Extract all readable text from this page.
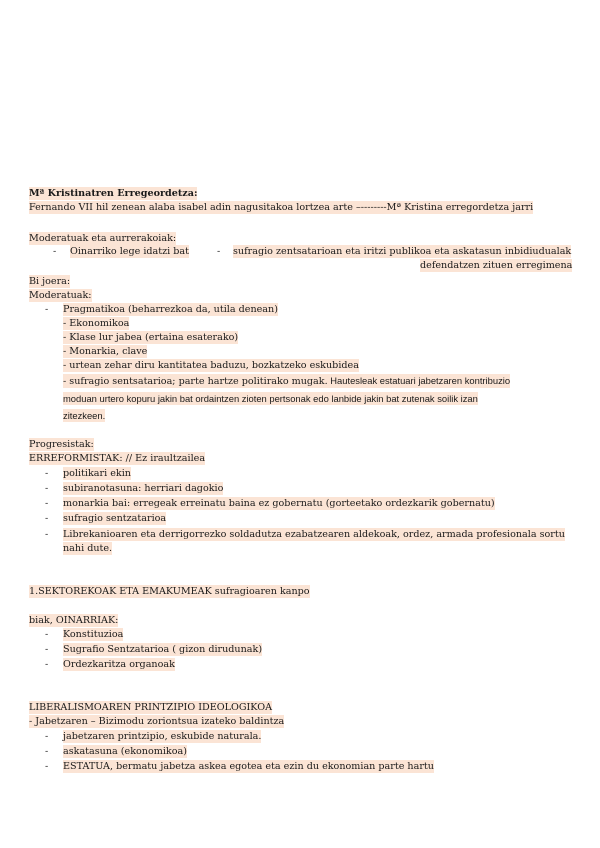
Mª Kristinatren Erregeordetza:
Fernando VII hil zenean alaba isabel adin nagusitakoa lortzea arte –--------Mª Kristina erregordetza jarri
Moderatuak eta aurrerakoiak:
- Oinarriko lege idatzi bat	- sufragio zentsatarioan eta iritzi publikoa eta askatasun inbidiudualak
defendatzen zituen erregimena
Bi joera:
Moderatuak:
- Pragmatikoa (beharrezkoa da, utila denean)
- Ekonomikoa
- Klase lur jabea (ertaina esaterako)
- Monarkia, clave
- urtean zehar diru kantitatea baduzu, bozkatzeko eskubidea
- sufragio sentsatarioa; parte hartze politirako mugak. Hautesleak estatuari jabetzaren kontribuzio
moduan urtero kopuru jakin bat ordaintzen zioten pertsonak edo lanbide jakin bat zutenak soilik izan
zitezkeen.
Progresistak:
ERREFORMISTAK: // Ez iraultzailea
- politikari ekin
- subiranotasuna: herriari dagokio
- monarkia bai: erregeak erreinatu baina ez gobernatu (gorteetako ordezkarik gobernatu)
- sufragio sentzatarioa
- Librekanioaren eta derrigorrezko soldadutza ezabatzearen aldekoak, ordez, armada profesionala sortu
nahi dute.
1.SEKTOREKOAK ETA EMAKUMEAK sufragioaren kanpo
biak, OINARRIAK:
- Konstituzioa
- Sugrafio Sentzatarioa ( gizon dirudunak)
- Ordezkaritza organoak
LIBERALISMOAREN PRINTZIPIO IDEOLOGIKOA
- Jabetzaren – Bizimodu zoriontsua izateko baldintza
- jabetzaren printzipio, eskubide naturala.
- askatasuna (ekonomikoa)
- ESTATUA, bermatu jabetza askea egotea eta ezin du ekonomian parte hartu
